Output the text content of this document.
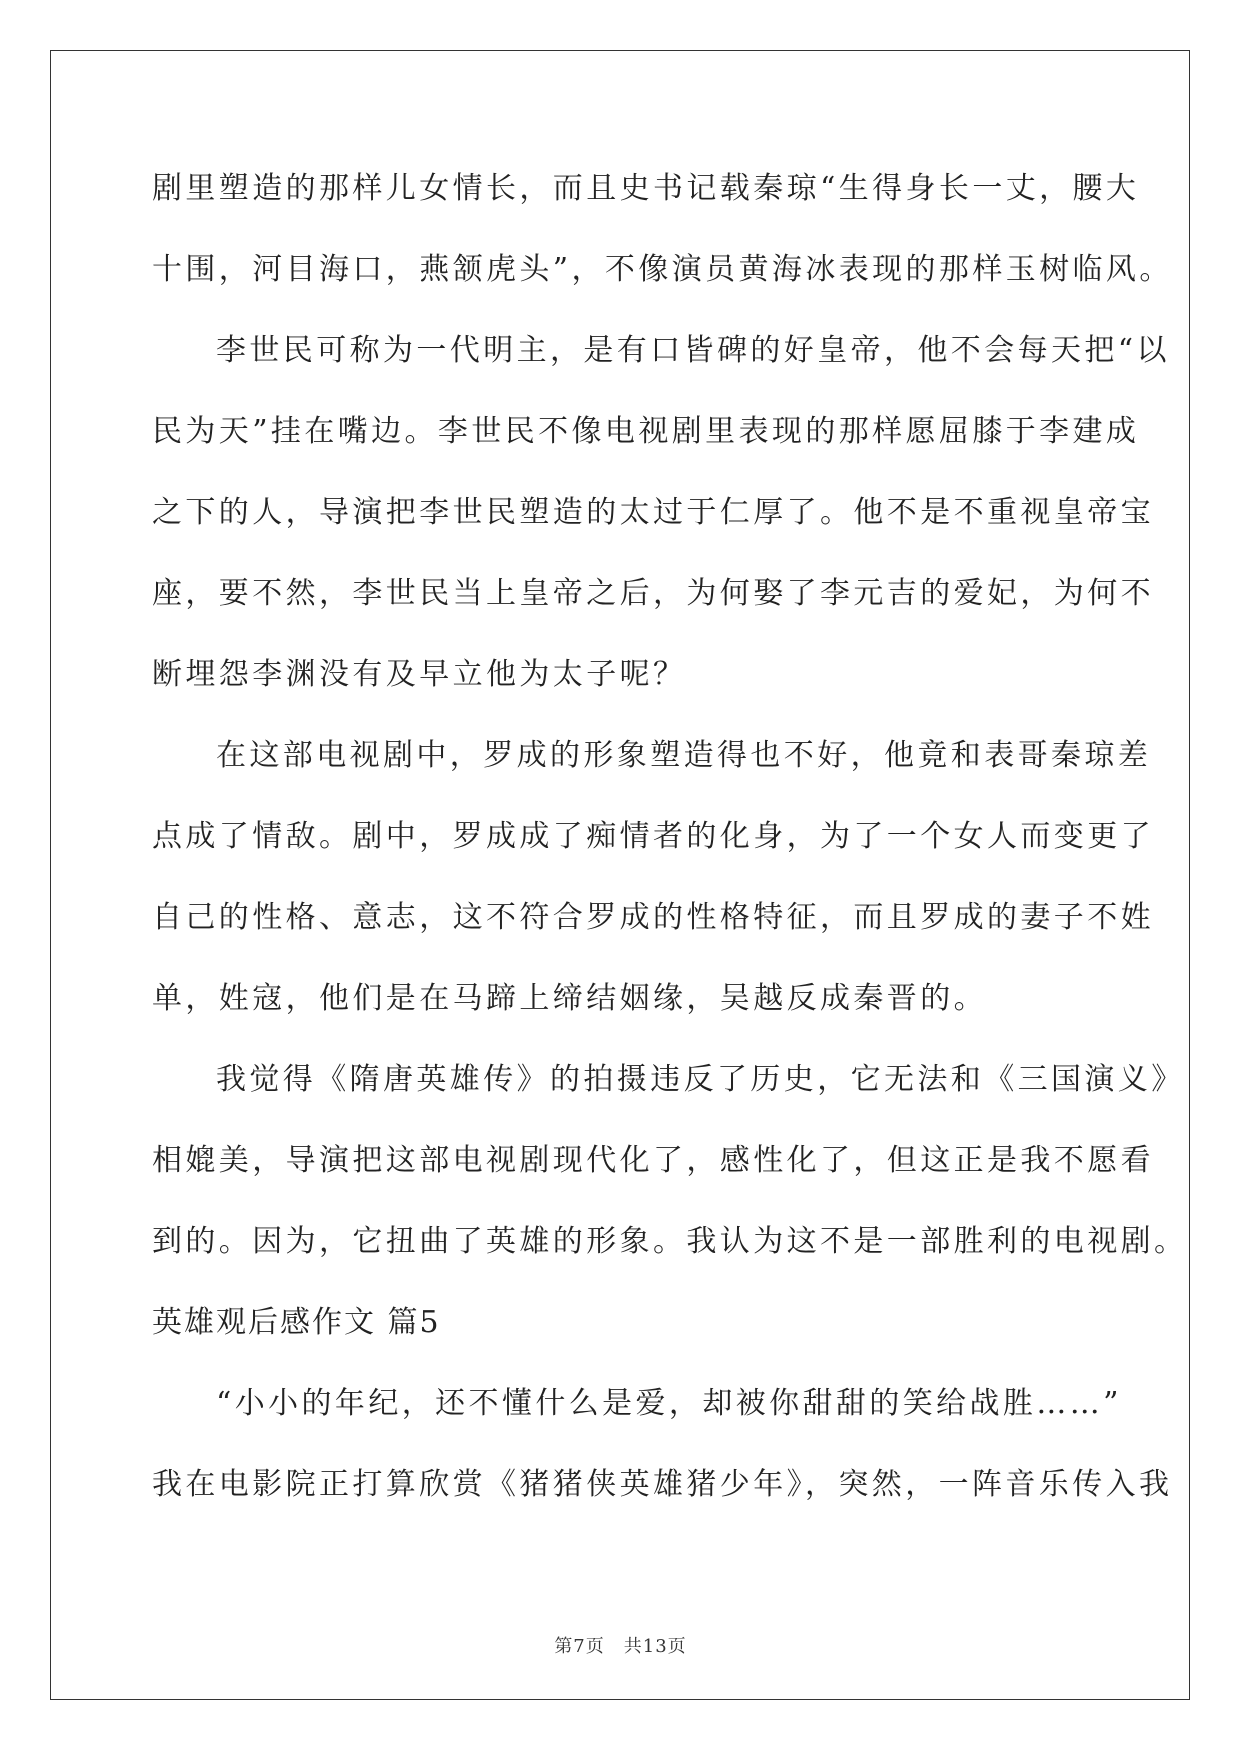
剧里塑造的那样儿女情长，而且史书记载秦琼“生得身长一丈，腰大
十围，河目海口，燕颔虎头”，不像演员黄海冰表现的那样玉树临风。
李世民可称为一代明主，是有口皆碑的好皇帝，他不会每天把“以
民为天”挂在嘴边。李世民不像电视剧里表现的那样愿屈膝于李建成
之下的人，导演把李世民塑造的太过于仁厚了。他不是不重视皇帝宝
座，要不然，李世民当上皇帝之后，为何娶了李元吉的爱妃，为何不
断埋怨李渊没有及早立他为太子呢？
在这部电视剧中，罗成的形象塑造得也不好，他竟和表哥秦琼差
点成了情敌。剧中，罗成成了痴情者的化身，为了一个女人而变更了
自己的性格、意志，这不符合罗成的性格特征，而且罗成的妻子不姓
单，姓寇，他们是在马蹄上缔结姻缘，吴越反成秦晋的。
我觉得《隋唐英雄传》的拍摄违反了历史，它无法和《三国演义》
相媲美，导演把这部电视剧现代化了，感性化了，但这正是我不愿看
到的。因为，它扭曲了英雄的形象。我认为这不是一部胜利的电视剧。
英雄观后感作文 篇5
“小小的年纪，还不懂什么是爱，却被你甜甜的笑给战胜……”
我在电影院正打算欣赏《猪猪侠英雄猪少年》，突然，一阵音乐传入我
第7页　共13页
